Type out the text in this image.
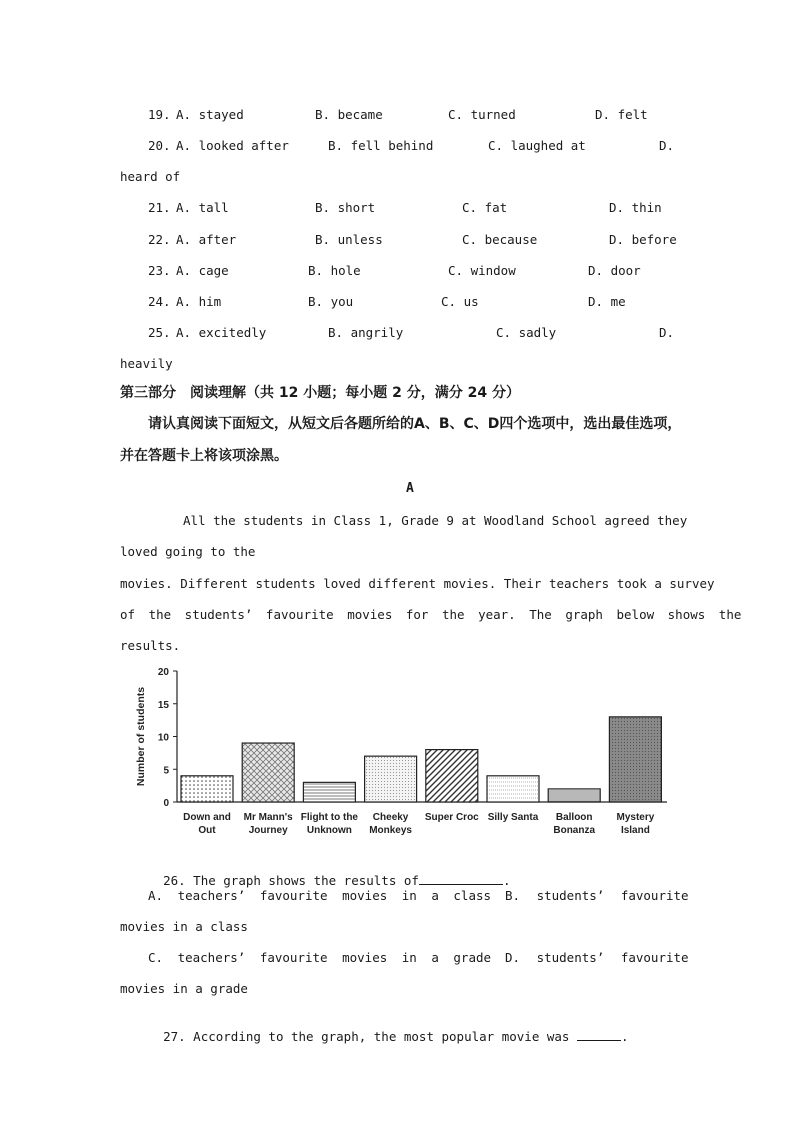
19. A. stayed	B. became	C. turned	D. felt
20. A. looked after	B. fell behind	C. laughed at	D.
heard of
21. A. tall	B. short	C. fat	D. thin
22. A. after	B. unless	C. because	D. before
23. A. cage	B. hole	C. window	D. door
24. A. him	B. you	C. us	D. me
25. A. excitedly	B. angrily	C. sadly	D.
heavily
第三部分　阅读理解（共 12 小题；每小题 2 分，满分 24 分）
请认真阅读下面短文，从短文后各题所给的A、B、C、D四个选项中，选出最佳选项，
并在答题卡上将该项涂黑。
A
All the students in Class 1, Grade 9 at Woodland School agreed they
loved going to the
movies. Different students loved different movies. Their teachers took a survey
of the students’ favourite movies for the year. The graph below shows the
results.
0
5
10
15
20
Number of students
Down and
Out
Mr Mann's
Journey
Flight to the
Unknown
Cheeky
Monkeys
Super Croc Silly Santa Balloon
Bonanza
Mystery
Island

26. The graph shows the results of	.

A. teachers’ favourite movies in a class B. students’ favourite
movies in a class
C. teachers’ favourite movies in a grade D. students’ favourite
movies in a grade

27. According to the graph, the most popular movie was	.
